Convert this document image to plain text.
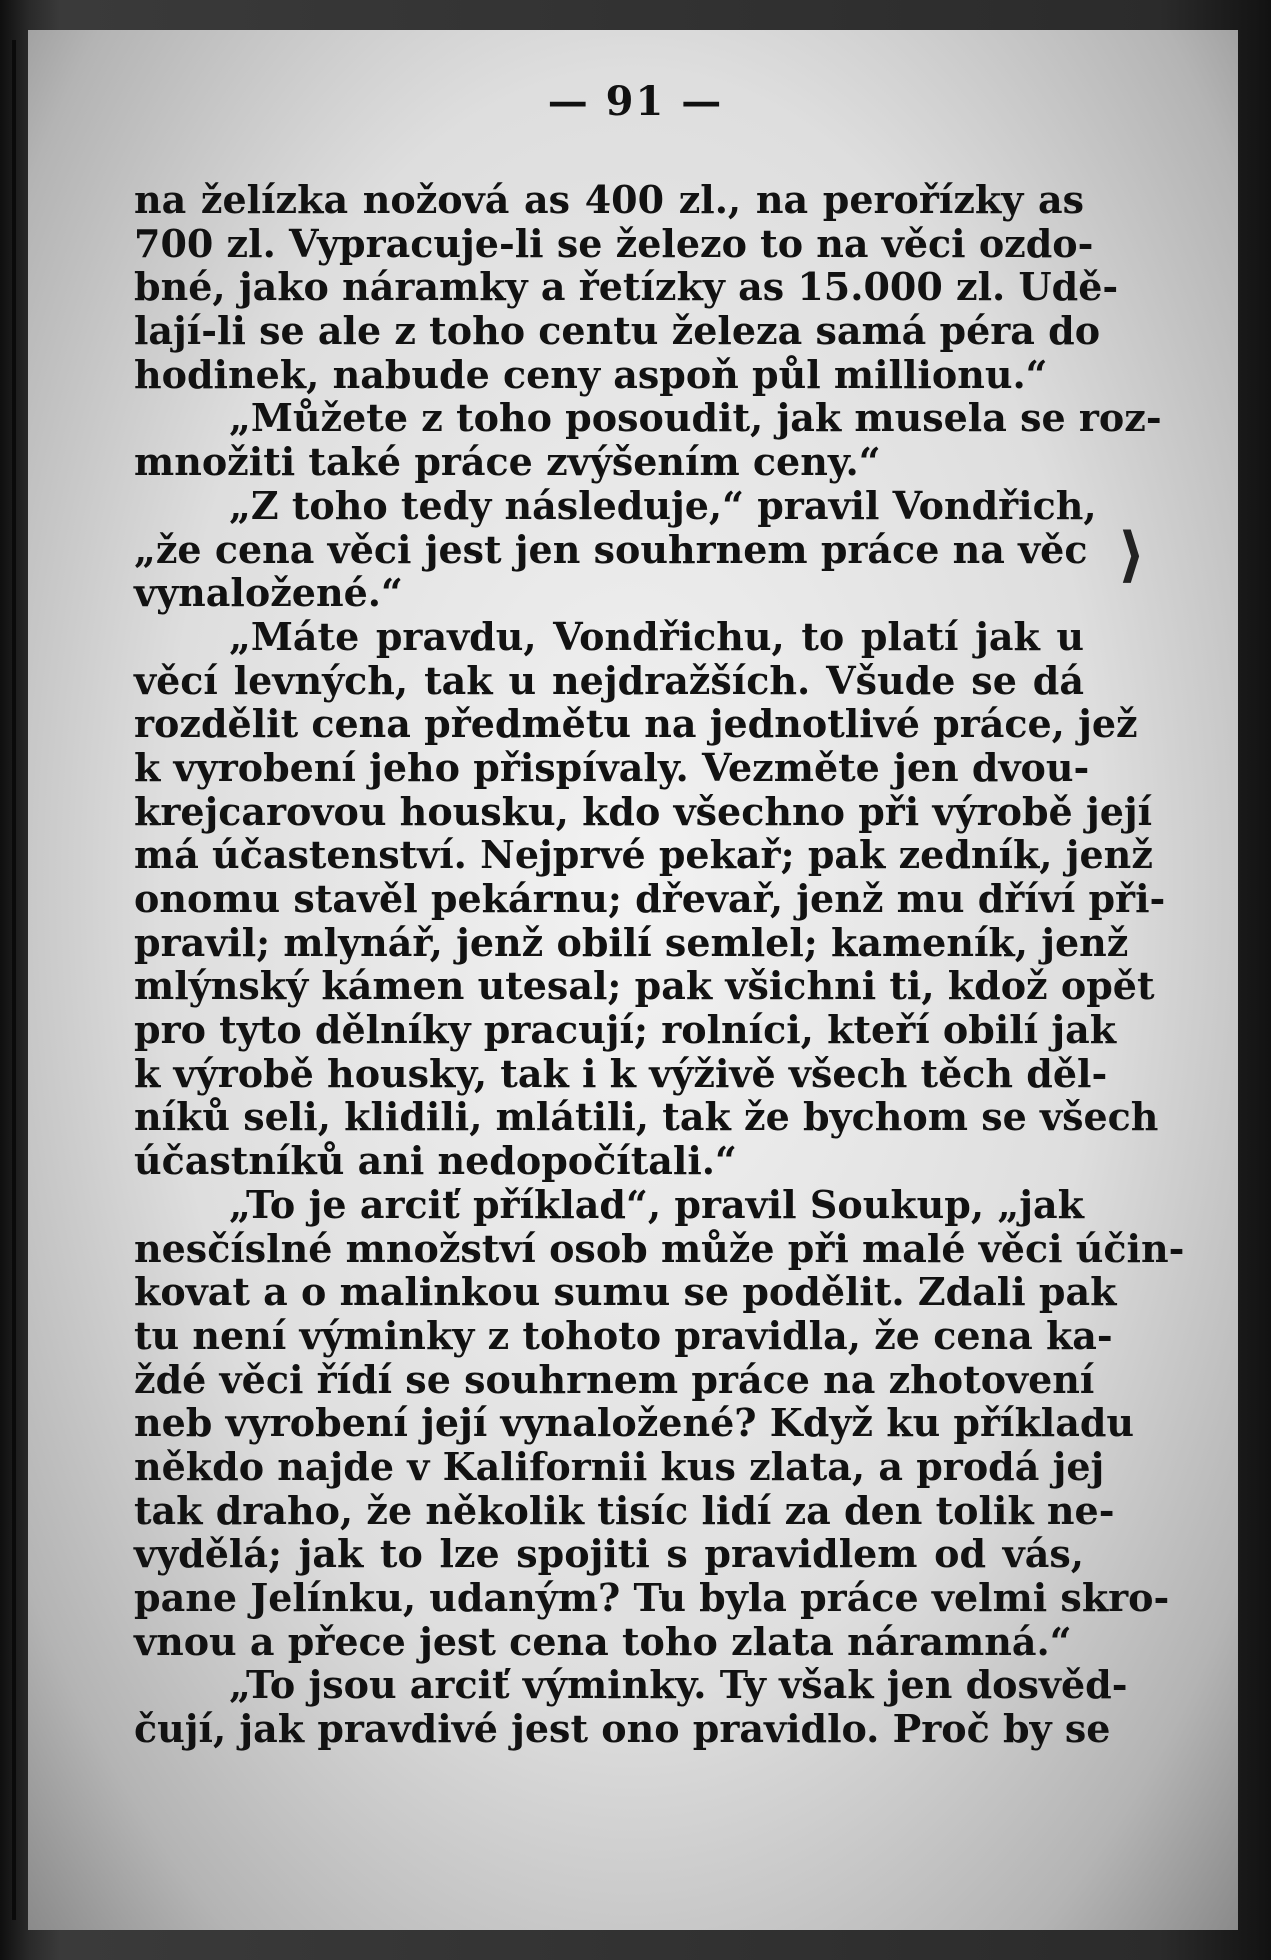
— 91 —
na želízka nožová as 400 zl., na perořízky as
700 zl. Vypracuje-li se železo to na věci ozdo-
bné, jako náramky a řetízky as 15.000 zl. Udě-
lají-li se ale z toho centu železa samá péra do
hodinek, nabude ceny aspoň půl millionu.“
„Můžete z toho posoudit, jak musela se roz-
množiti také práce zvýšením ceny.“
„Z toho tedy následuje,“ pravil Vondřich,
„že cena věci jest jen souhrnem práce na věc
vynaložené.“
„Máte pravdu, Vondřichu, to platí jak u
věcí levných, tak u nejdražších. Všude se dá
rozdělit cena předmětu na jednotlivé práce, jež
k vyrobení jeho přispívaly. Vezměte jen dvou-
krejcarovou housku, kdo všechno při výrobě její
má účastenství. Nejprvé pekař; pak zedník, jenž
onomu stavěl pekárnu; dřevař, jenž mu dříví při-
pravil; mlynář, jenž obilí semlel; kameník, jenž
mlýnský kámen utesal; pak všichni ti, kdož opět
pro tyto dělníky pracují; rolníci, kteří obilí jak
k výrobě housky, tak i k výživě všech těch děl-
níků seli, klidili, mlátili, tak že bychom se všech
účastníků ani nedopočítali.“
„To je arciť příklad“, pravil Soukup, „jak
nesčíslné množství osob může při malé věci účin-
kovat a o malinkou sumu se podělit. Zdali pak
tu není výminky z tohoto pravidla, že cena ka-
ždé věci řídí se souhrnem práce na zhotovení
neb vyrobení její vynaložené? Když ku příkladu
někdo najde v Kalifornii kus zlata, a prodá jej
tak draho, že několik tisíc lidí za den tolik ne-
vydělá; jak to lze spojiti s pravidlem od vás,
pane Jelínku, udaným? Tu byla práce velmi skro-
vnou a přece jest cena toho zlata náramná.“
„To jsou arciť výminky. Ty však jen dosvěd-
čují, jak pravdivé jest ono pravidlo. Proč by se
⟩
